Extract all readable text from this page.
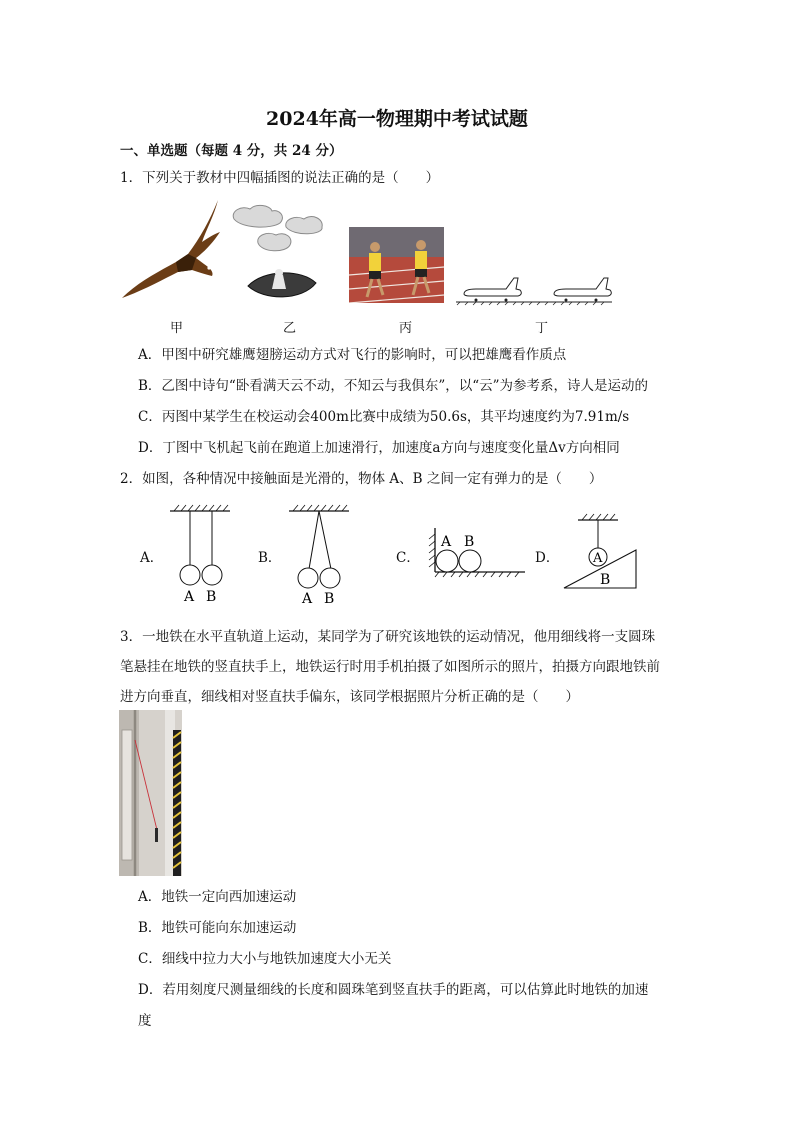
2024年高一物理期中考试试题
一、单选题（每题 4 分，共 24 分）
1．下列关于教材中四幅插图的说法正确的是（　　）
甲	乙	丙	丁
A．甲图中研究雄鹰翅膀运动方式对飞行的影响时，可以把雄鹰看作质点
B．乙图中诗句“卧看满天云不动，不知云与我俱东”，以“云”为参考系，诗人是运动的
C．丙图中某学生在校运动会400m比赛中成绩为50.6s，其平均速度约为7.91m/s
D．丁图中飞机起飞前在跑道上加速滑行，加速度a方向与速度变化量Δv方向相同
2．如图，各种情况中接触面是光滑的，物体 A、B 之间一定有弹力的是（　　）
A．	B．	C．	D．
A B	A B
A B
A
B
3．一地铁在水平直轨道上运动，某同学为了研究该地铁的运动情况，他用细线将一支圆珠
笔悬挂在地铁的竖直扶手上，地铁运行时用手机拍摄了如图所示的照片，拍摄方向跟地铁前
进方向垂直，细线相对竖直扶手偏东，该同学根据照片分析正确的是（　　）
A．地铁一定向西加速运动
B．地铁可能向东加速运动
C．细线中拉力大小与地铁加速度大小无关
D．若用刻度尺测量细线的长度和圆珠笔到竖直扶手的距离，可以估算此时地铁的加速
度
